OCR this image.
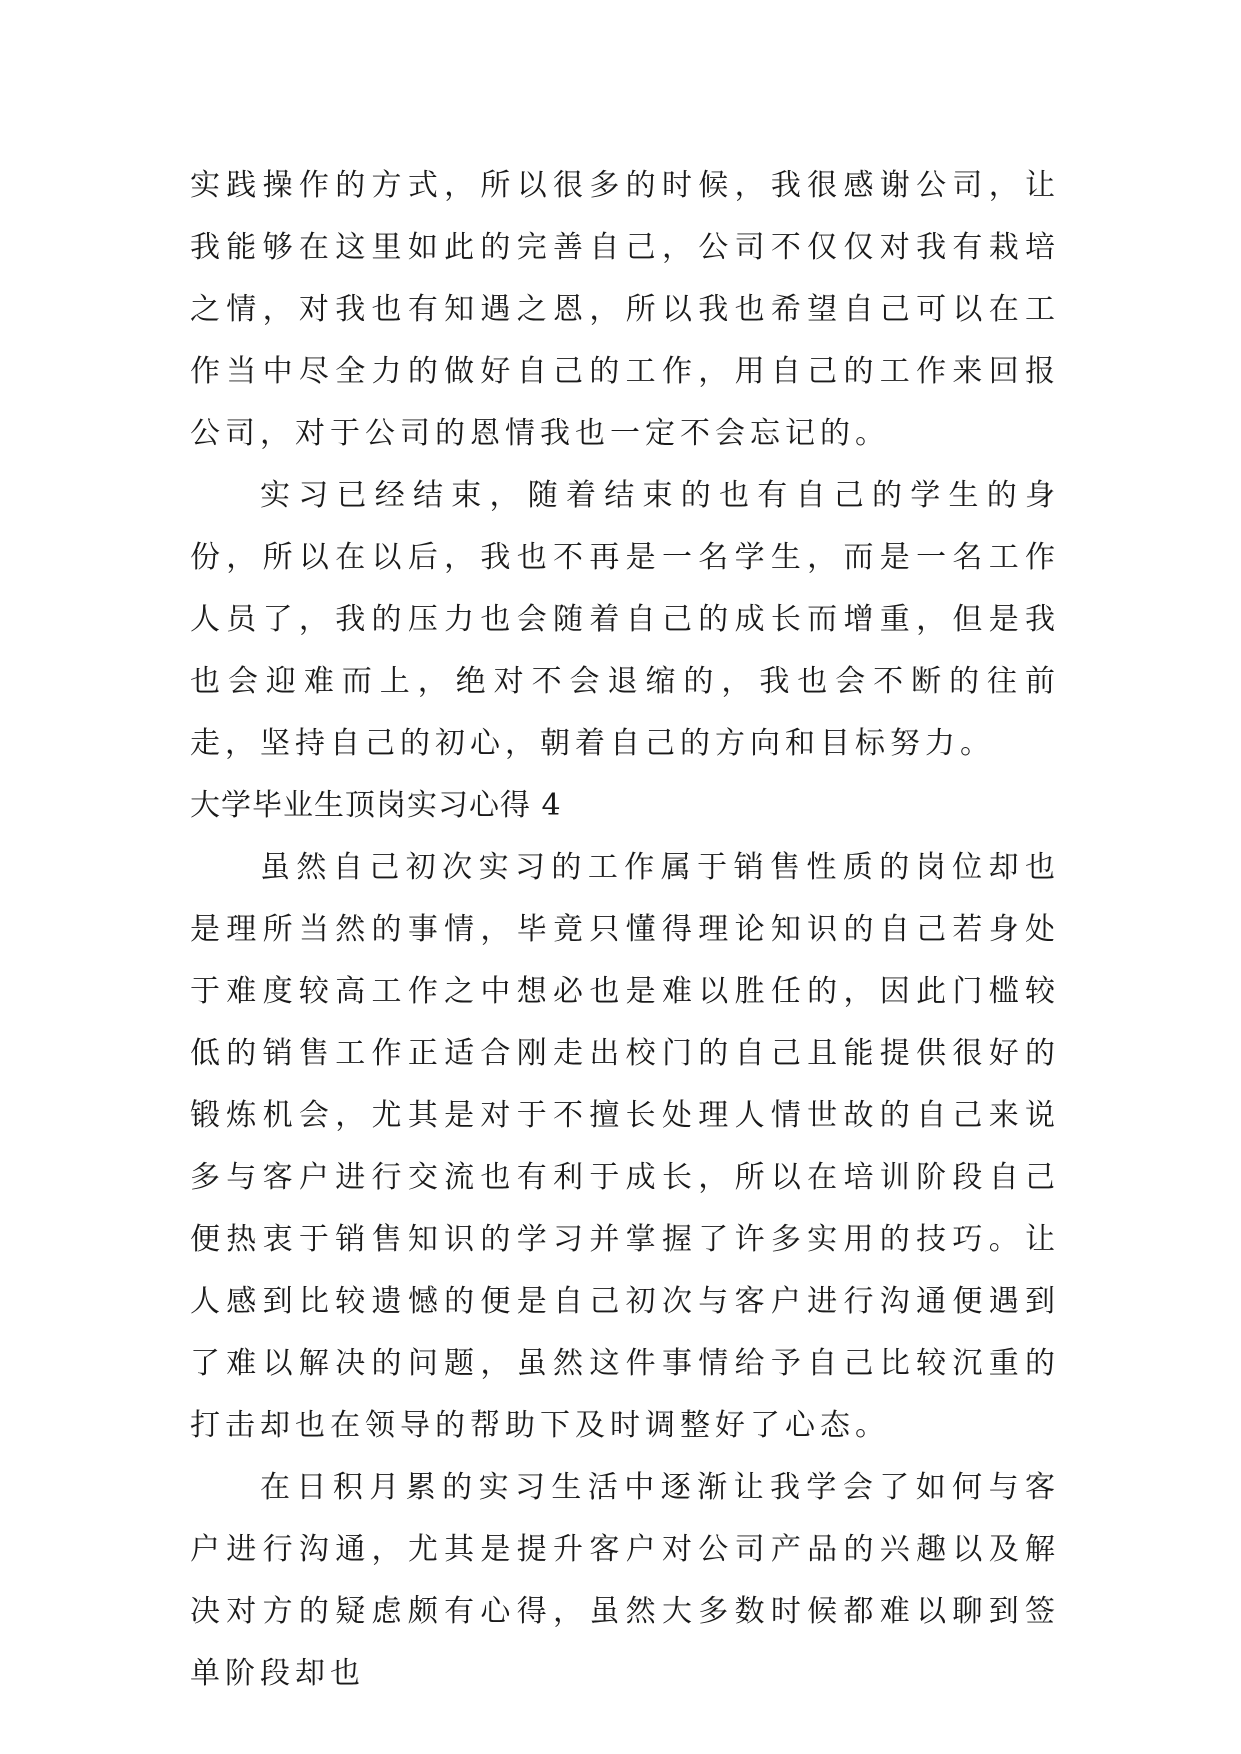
实践操作的方式，所以很多的时候，我很感谢公司，让我能够在这里如此的完善自己，公司不仅仅对我有栽培之情，对我也有知遇之恩，所以我也希望自己可以在工作当中尽全力的做好自己的工作，用自己的工作来回报公司，对于公司的恩情我也一定不会忘记的。

实习已经结束，随着结束的也有自己的学生的身份，所以在以后，我也不再是一名学生，而是一名工作人员了，我的压力也会随着自己的成长而增重，但是我也会迎难而上，绝对不会退缩的，我也会不断的往前走，坚持自己的初心，朝着自己的方向和目标努力。

大学毕业生顶岗实习心得 4

虽然自己初次实习的工作属于销售性质的岗位却也是理所当然的事情，毕竟只懂得理论知识的自己若身处于难度较高工作之中想必也是难以胜任的，因此门槛较低的销售工作正适合刚走出校门的自己且能提供很好的锻炼机会，尤其是对于不擅长处理人情世故的自己来说多与客户进行交流也有利于成长，所以在培训阶段自己便热衷于销售知识的学习并掌握了许多实用的技巧。让人感到比较遗憾的便是自己初次与客户进行沟通便遇到了难以解决的问题，虽然这件事情给予自己比较沉重的打击却也在领导的帮助下及时调整好了心态。

在日积月累的实习生活中逐渐让我学会了如何与客户进行沟通，尤其是提升客户对公司产品的兴趣以及解决对方的疑虑颇有心得，虽然大多数时候都难以聊到签单阶段却也
